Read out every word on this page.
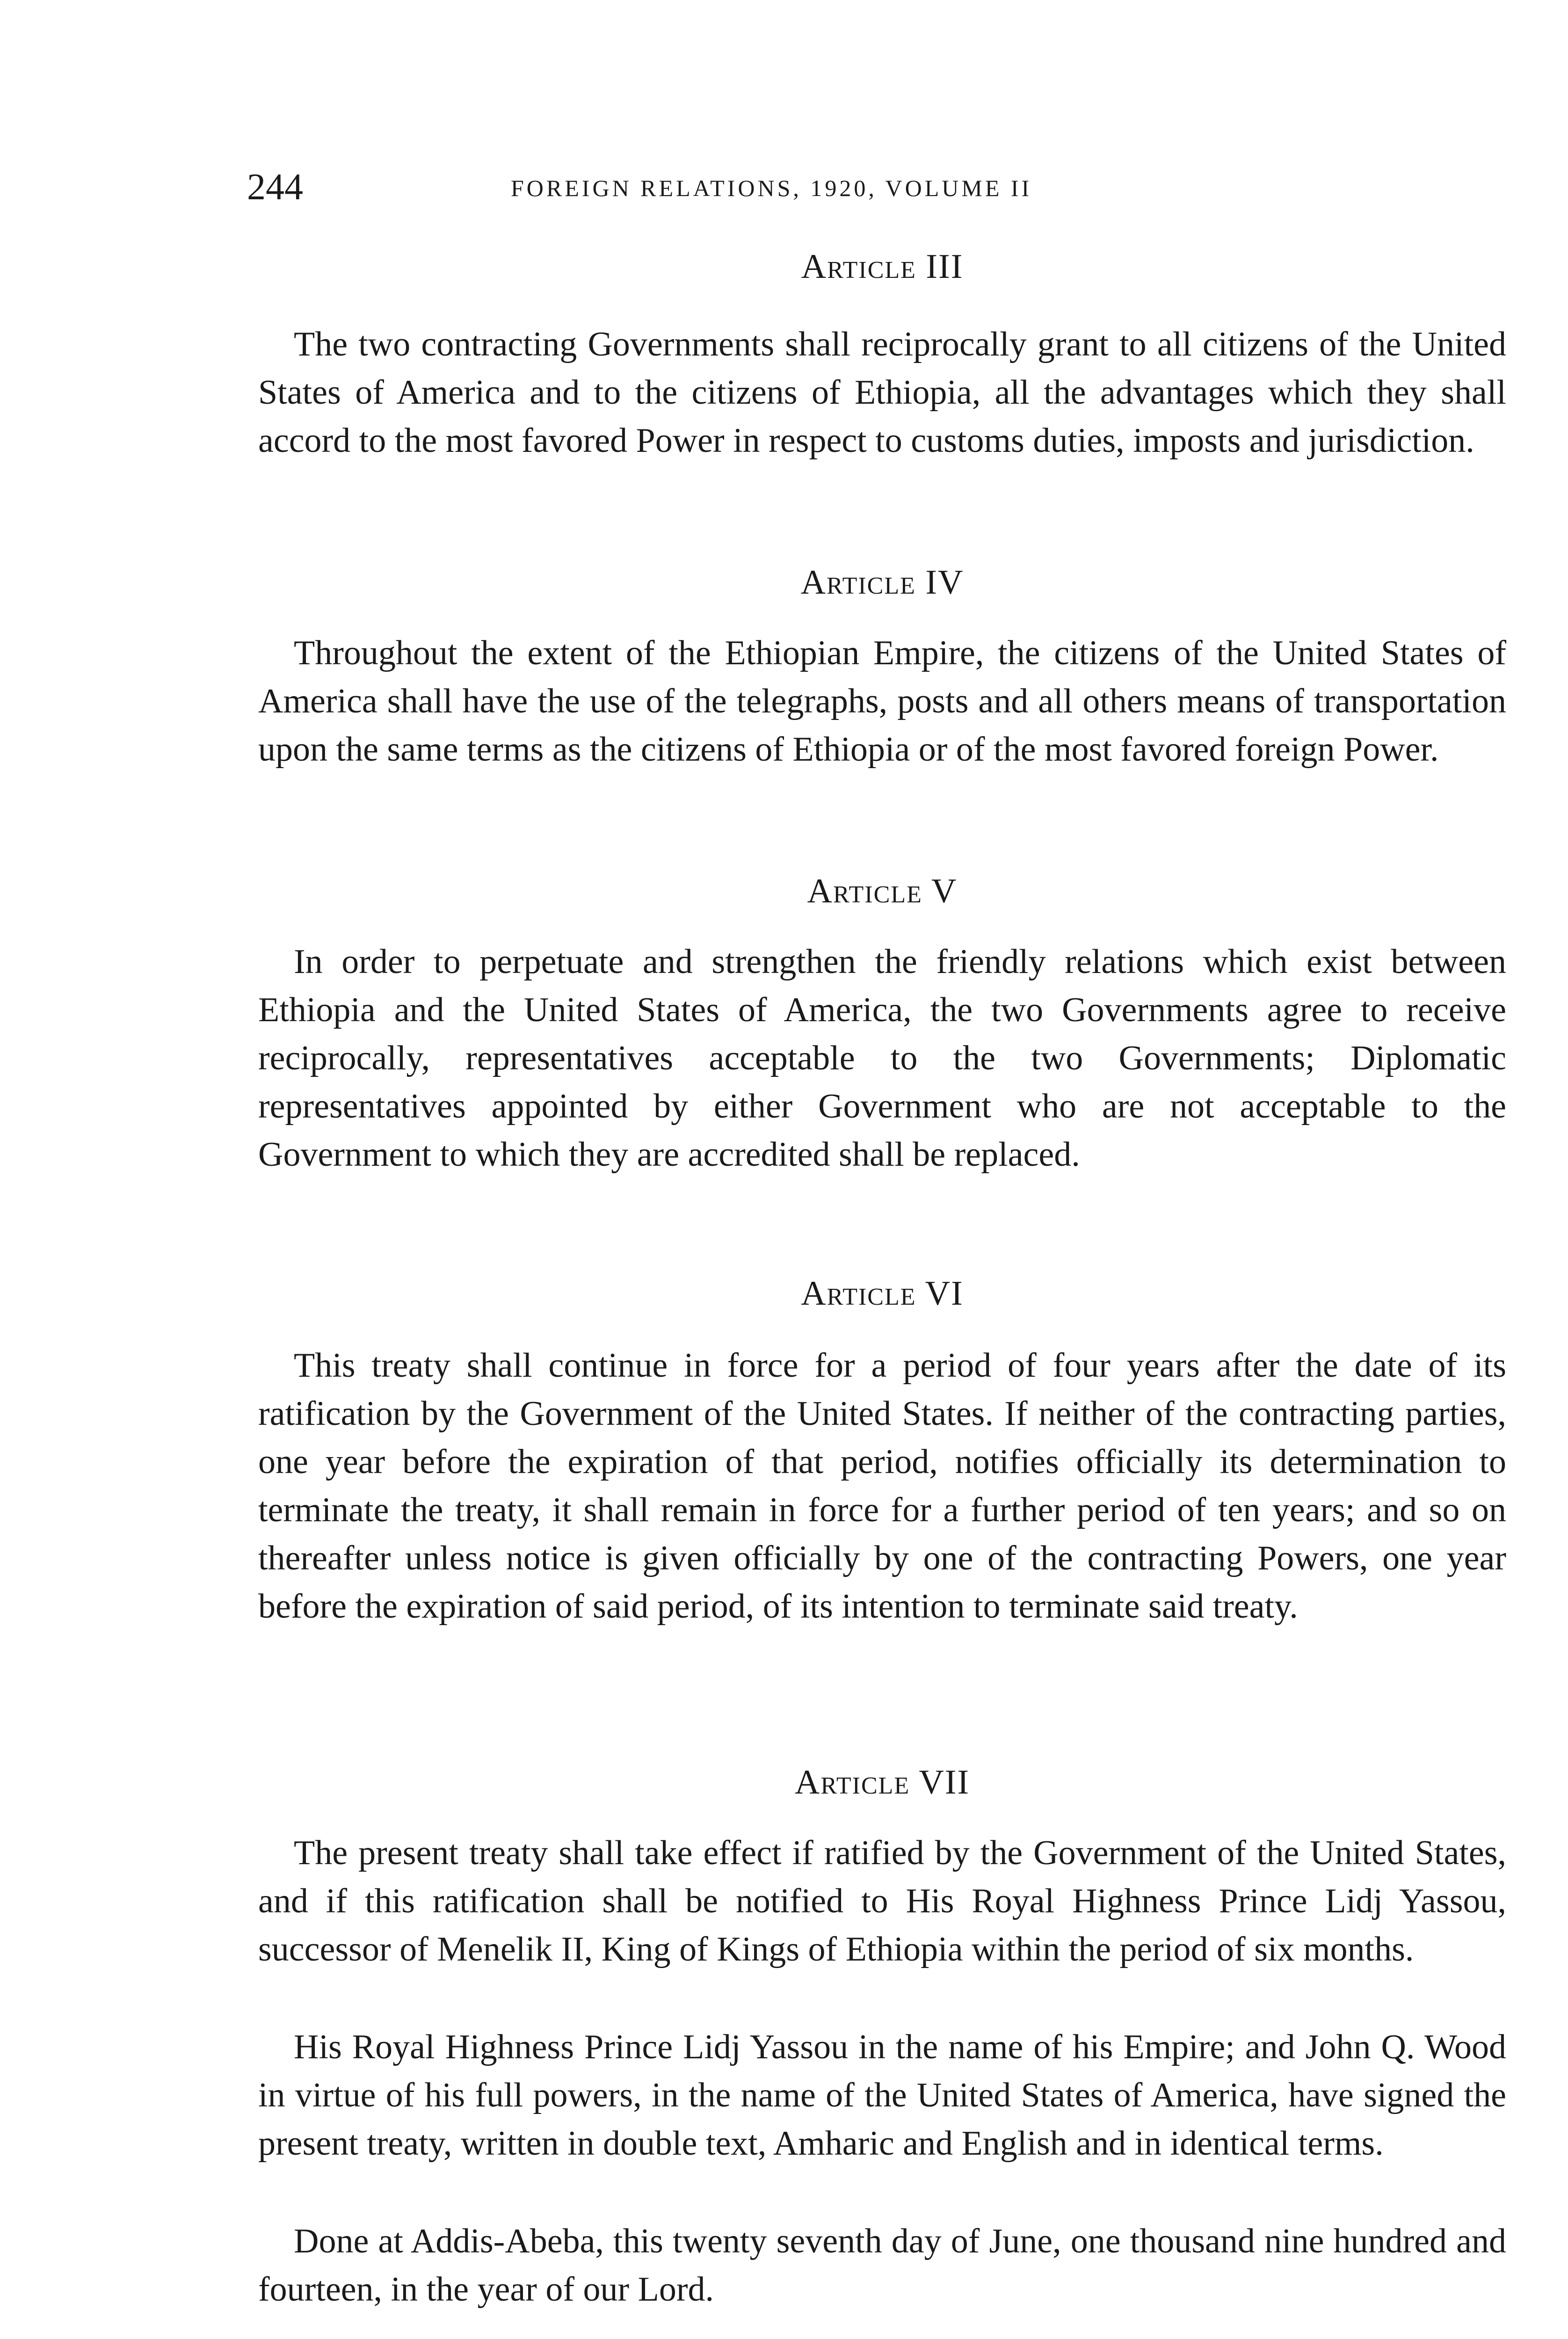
244	FOREIGN RELATIONS, 1920, VOLUME II
Article III

The two contracting Governments shall reciprocally grant to all citizens of the United States of America and to the citizens of Ethiopia, all the advantages which they shall accord to the most favored Power in respect to customs duties, imposts and jurisdiction.

Article IV

Throughout the extent of the Ethiopian Empire, the citizens of the United States of America shall have the use of the telegraphs, posts and all others means of transportation upon the same terms as the citizens of Ethiopia or of the most favored foreign Power.

Article V

In order to perpetuate and strengthen the friendly relations which exist between Ethiopia and the United States of America, the two Governments agree to receive reciprocally, representatives acceptable to the two Governments; Diplomatic representatives appointed by either Government who are not acceptable to the Government to which they are accredited shall be replaced.

Article VI

This treaty shall continue in force for a period of four years after the date of its ratification by the Government of the United States. If neither of the contracting parties, one year before the expiration of that period, notifies officially its determination to terminate the treaty, it shall remain in force for a further period of ten years; and so on thereafter unless notice is given officially by one of the contracting Powers, one year before the expiration of said period, of its intention to terminate said treaty.

Article VII

The present treaty shall take effect if ratified by the Government of the United States, and if this ratification shall be notified to His Royal Highness Prince Lidj Yassou, successor of Menelik II, King of Kings of Ethiopia within the period of six months.

His Royal Highness Prince Lidj Yassou in the name of his Empire; and John Q. Wood in virtue of his full powers, in the name of the United States of America, have signed the present treaty, written in double text, Amharic and English and in identical terms.

Done at Addis-Abeba, this twenty seventh day of June, one thousand nine hundred and fourteen, in the year of our Lord.
